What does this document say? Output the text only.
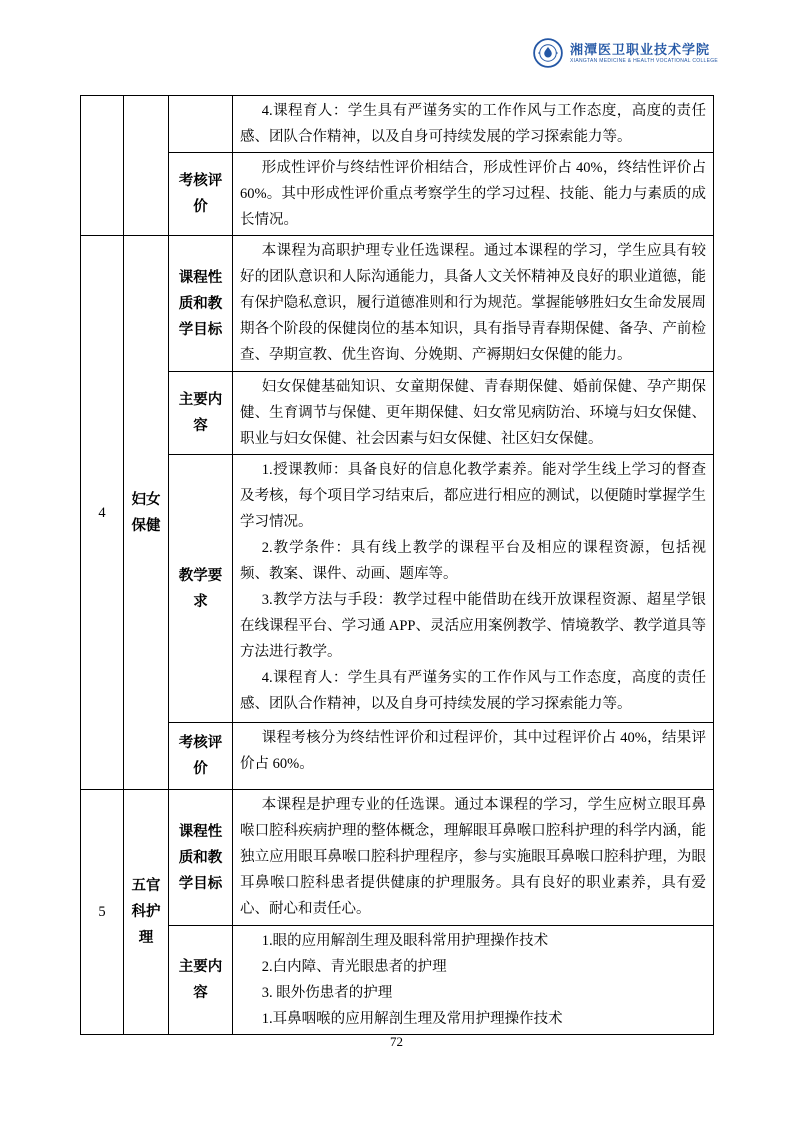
湘潭医卫职业技术学院
XIANGTAN MEDICINE & HEALTH VOCATIONAL COLLEGE

			4.课程育人：学生具有严谨务实的工作作风与工作态度，高度的责任感、团队合作精神，以及自身可持续发展的学习探索能力等。

		考核评价	形成性评价与终结性评价相结合，形成性评价占 40%，终结性评价占 60%。其中形成性评价重点考察学生的学习过程、技能、能力与素质的成长情况。

4	妇女保健	课程性质和教学目标	本课程为高职护理专业任选课程。通过本课程的学习，学生应具有较好的团队意识和人际沟通能力，具备人文关怀精神及良好的职业道德，能有保护隐私意识，履行道德准则和行为规范。掌握能够胜妇女生命发展周期各个阶段的保健岗位的基本知识，具有指导青春期保健、备孕、产前检查、孕期宣教、优生咨询、分娩期、产褥期妇女保健的能力。

		主要内容	妇女保健基础知识、女童期保健、青春期保健、婚前保健、孕产期保健、生育调节与保健、更年期保健、妇女常见病防治、环境与妇女保健、职业与妇女保健、社会因素与妇女保健、社区妇女保健。

		教学要求	1.授课教师：具备良好的信息化教学素养。能对学生线上学习的督查及考核，每个项目学习结束后，都应进行相应的测试，以便随时掌握学生学习情况。

2.教学条件：具有线上教学的课程平台及相应的课程资源，包括视频、教案、课件、动画、题库等。

3.教学方法与手段：教学过程中能借助在线开放课程资源、超星学银在线课程平台、学习通 APP、灵活应用案例教学、情境教学、教学道具等方法进行教学。

4.课程育人：学生具有严谨务实的工作作风与工作态度，高度的责任感、团队合作精神，以及自身可持续发展的学习探索能力等。

		考核评价	课程考核分为终结性评价和过程评价，其中过程评价占 40%，结果评价占 60%。

5	五官科护理	课程性质和教学目标	本课程是护理专业的任选课。通过本课程的学习，学生应树立眼耳鼻喉口腔科疾病护理的整体概念，理解眼耳鼻喉口腔科护理的科学内涵，能独立应用眼耳鼻喉口腔科护理程序，参与实施眼耳鼻喉口腔科护理，为眼耳鼻喉口腔科患者提供健康的护理服务。具有良好的职业素养，具有爱心、耐心和责任心。

		主要内容	1.眼的应用解剖生理及眼科常用护理操作技术

2.白内障、青光眼患者的护理

3. 眼外伤患者的护理

1.耳鼻咽喉的应用解剖生理及常用护理操作技术

72
